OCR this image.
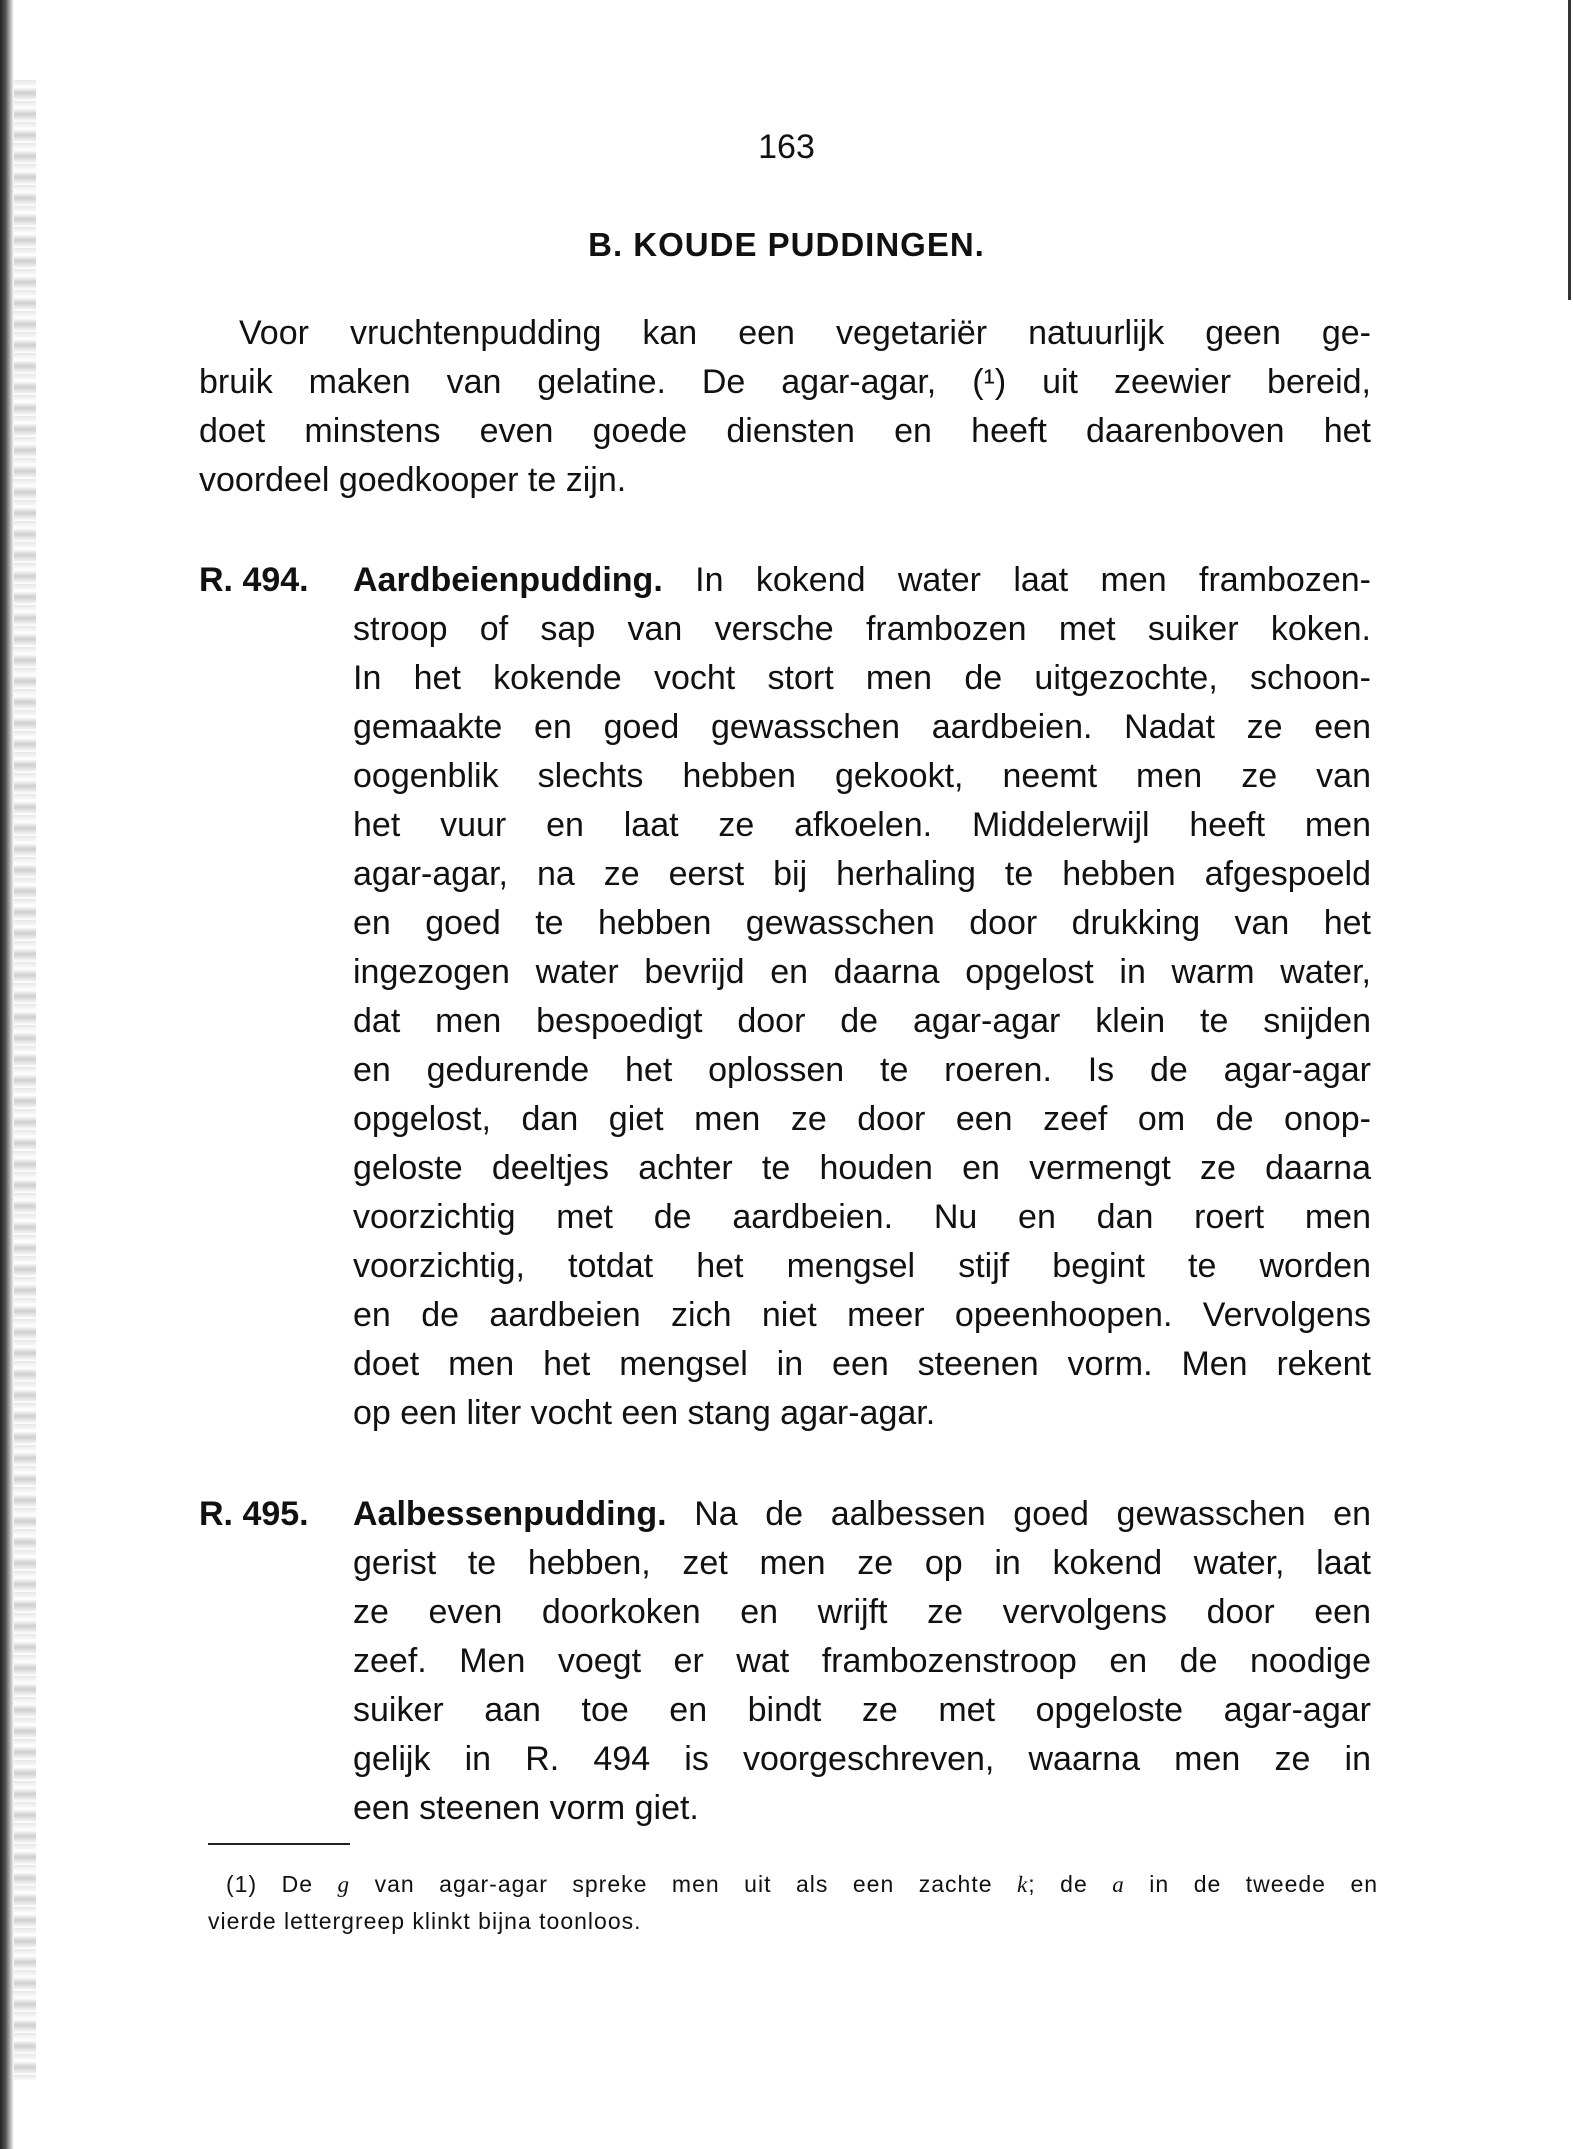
163
B. KOUDE PUDDINGEN.
Voor vruchtenpudding kan een vegetariër natuurlijk geen ge-
bruik maken van gelatine. De agar-agar, (¹) uit zeewier bereid,
doet minstens even goede diensten en heeft daarenboven het
voordeel goedkooper te zijn.
R. 494. Aardbeienpudding. In kokend water laat men frambozen-
stroop of sap van versche frambozen met suiker koken.
In het kokende vocht stort men de uitgezochte, schoon-
gemaakte en goed gewasschen aardbeien. Nadat ze een
oogenblik slechts hebben gekookt, neemt men ze van
het vuur en laat ze afkoelen. Middelerwijl heeft men
agar-agar, na ze eerst bij herhaling te hebben afgespoeld
en goed te hebben gewasschen door drukking van het
ingezogen water bevrijd en daarna opgelost in warm water,
dat men bespoedigt door de agar-agar klein te snijden
en gedurende het oplossen te roeren. Is de agar-agar
opgelost, dan giet men ze door een zeef om de onop-
geloste deeltjes achter te houden en vermengt ze daarna
voorzichtig met de aardbeien. Nu en dan roert men
voorzichtig, totdat het mengsel stijf begint te worden
en de aardbeien zich niet meer opeenhoopen. Vervolgens
doet men het mengsel in een steenen vorm. Men rekent
op een liter vocht een stang agar-agar.
R. 495. Aalbessenpudding. Na de aalbessen goed gewasschen en
gerist te hebben, zet men ze op in kokend water, laat
ze even doorkoken en wrijft ze vervolgens door een
zeef. Men voegt er wat frambozenstroop en de noodige
suiker aan toe en bindt ze met opgeloste agar-agar
gelijk in R. 494 is voorgeschreven, waarna men ze in
een steenen vorm giet.
(1) De g van agar-agar spreke men uit als een zachte k; de a in de tweede en
vierde lettergreep klinkt bijna toonloos.
